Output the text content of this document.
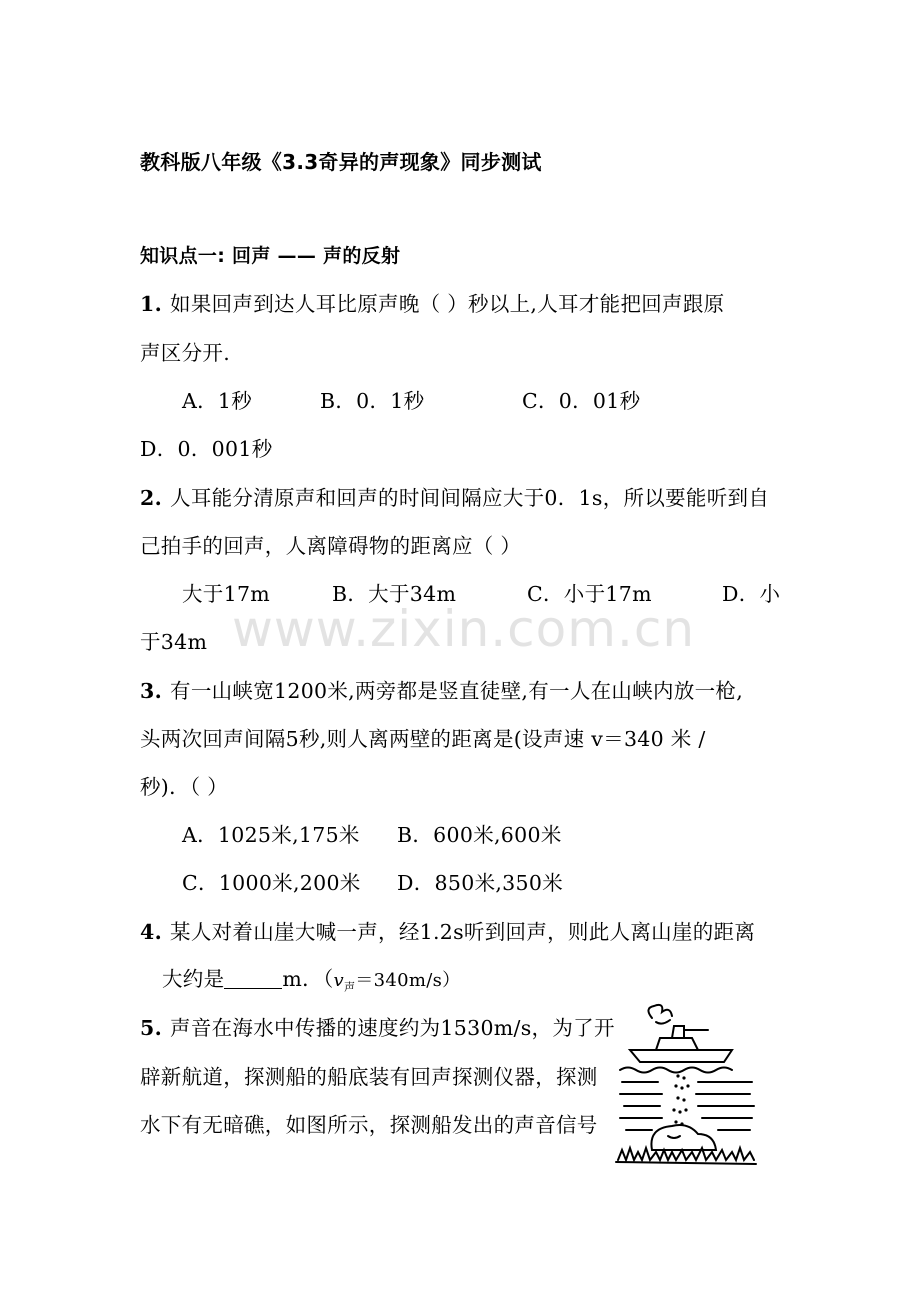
教科版八年级《3.3奇异的声现象》同步测试
知识点一: 回声 —— 声的反射
1. 如果回声到达人耳比原声晚（ ）秒以上,人耳才能把回声跟原
声区分开.
A．1秒	B．0．1秒	C．0．01秒
D．0．001秒
2. 人耳能分清原声和回声的时间间隔应大于0．1s，所以要能听到自
己拍手的回声，人离障碍物的距离应（ ）
大于17m	B．大于34m	C．小于17m	D．小
于34m www.zixin.com.cn
3. 有一山峡宽1200米,两旁都是竖直徒壁,有一人在山峡内放一枪,
头两次回声间隔5秒,则人离两壁的距离是(设声速 v＝340 米 /
秒)．（ ）
A．1025米,175米 B．600米,600米
C．1000米,200米 D．850米,350米
4. 某人对着山崖大喊一声，经1.2s听到回声，则此人离山崖的距离
大约是	m．$(v_声=340m/s)$
5. 声音在海水中传播的速度约为1530m/s，为了开
辟新航道，探测船的船底装有回声探测仪器，探测
水下有无暗礁，如图所示，探测船发出的声音信号
